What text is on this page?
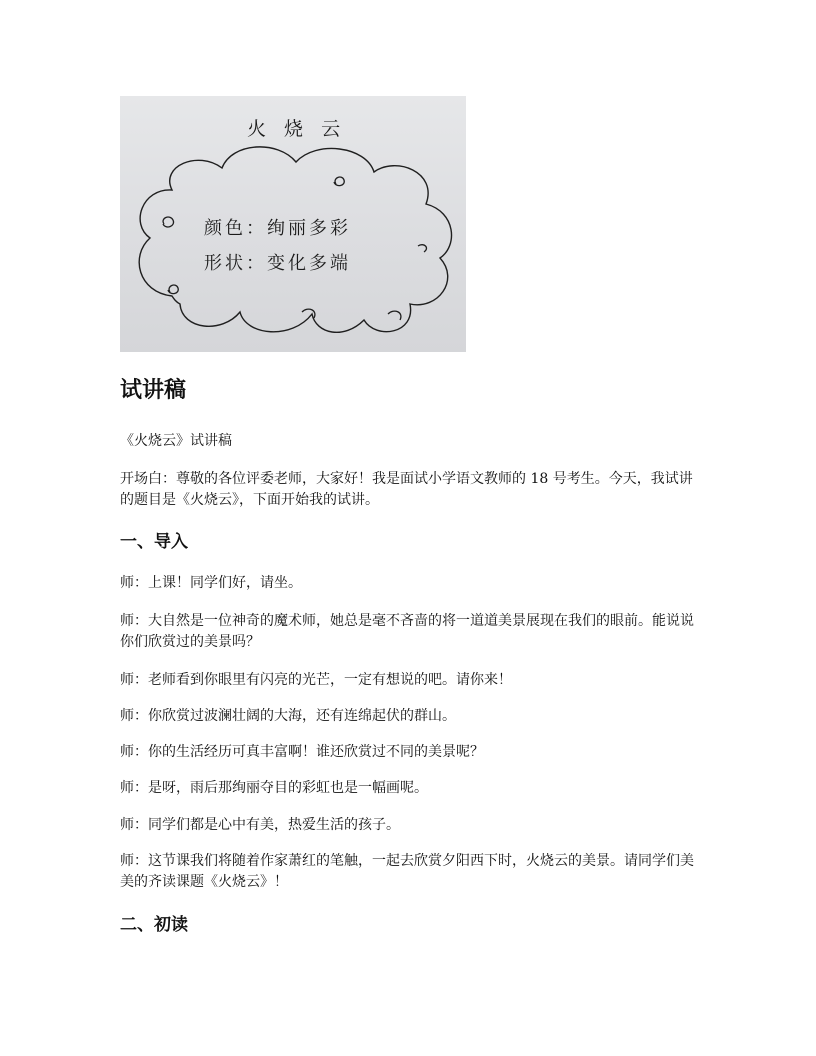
火 烧 云
颜色：绚丽多彩
形状：变化多端
试讲稿

《火烧云》试讲稿

开场白：尊敬的各位评委老师，大家好！我是面试小学语文教师的 18 号考生。今天，我试讲的题目是《火烧云》，下面开始我的试讲。

一、导入

师：上课！同学们好，请坐。

师：大自然是一位神奇的魔术师，她总是毫不吝啬的将一道道美景展现在我们的眼前。能说说你们欣赏过的美景吗？

师：老师看到你眼里有闪亮的光芒，一定有想说的吧。请你来！

师：你欣赏过波澜壮阔的大海，还有连绵起伏的群山。

师：你的生活经历可真丰富啊！谁还欣赏过不同的美景呢？

师：是呀，雨后那绚丽夺目的彩虹也是一幅画呢。

师：同学们都是心中有美，热爱生活的孩子。

师：这节课我们将随着作家萧红的笔触，一起去欣赏夕阳西下时，火烧云的美景。请同学们美美的齐读课题《火烧云》！

二、初读
